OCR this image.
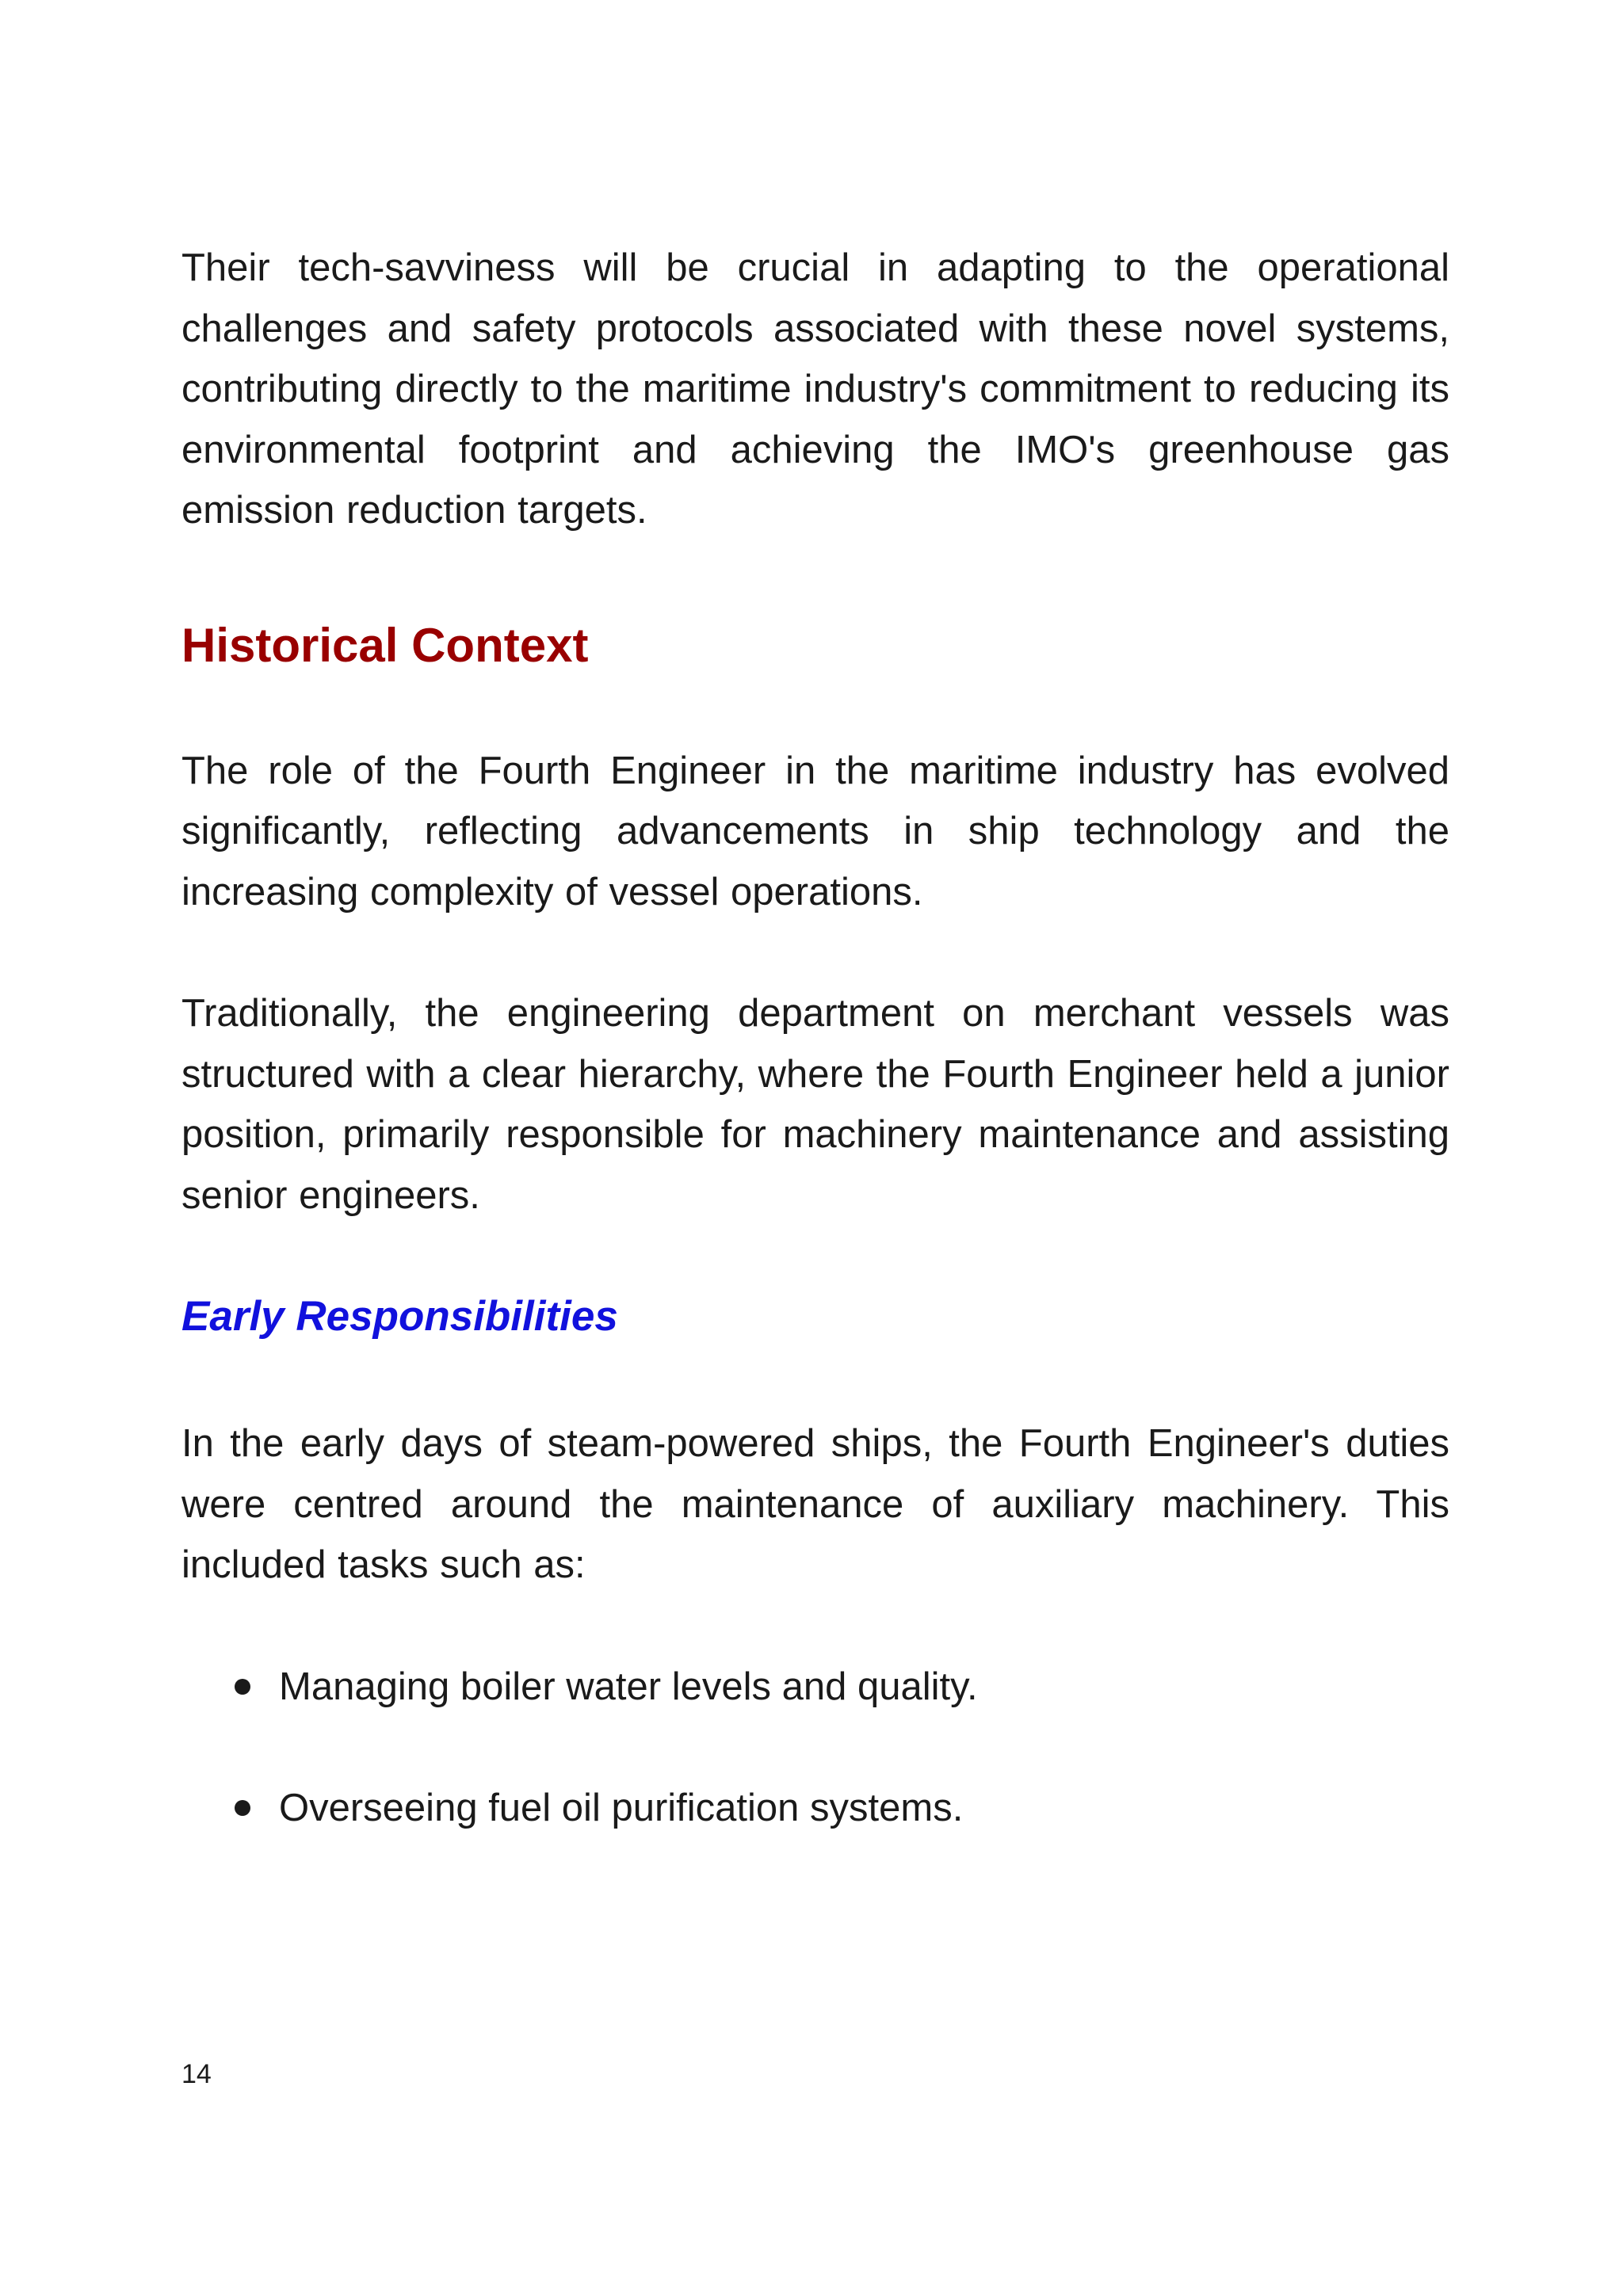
Their tech-savviness will be crucial in adapting to the operational challenges and safety protocols associated with these novel systems, contributing directly to the maritime industry's commitment to reducing its environmental footprint and achieving the IMO's greenhouse gas emission reduction targets.

Historical Context

The role of the Fourth Engineer in the maritime industry has evolved significantly, reflecting advancements in ship technology and the increasing complexity of vessel operations.

Traditionally, the engineering department on merchant vessels was structured with a clear hierarchy, where the Fourth Engineer held a junior position, primarily responsible for machinery maintenance and assisting senior engineers.

Early Responsibilities

In the early days of steam-powered ships, the Fourth Engineer's duties were centred around the maintenance of auxiliary machinery. This included tasks such as:

Managing boiler water levels and quality.
Overseeing fuel oil purification systems.
14
